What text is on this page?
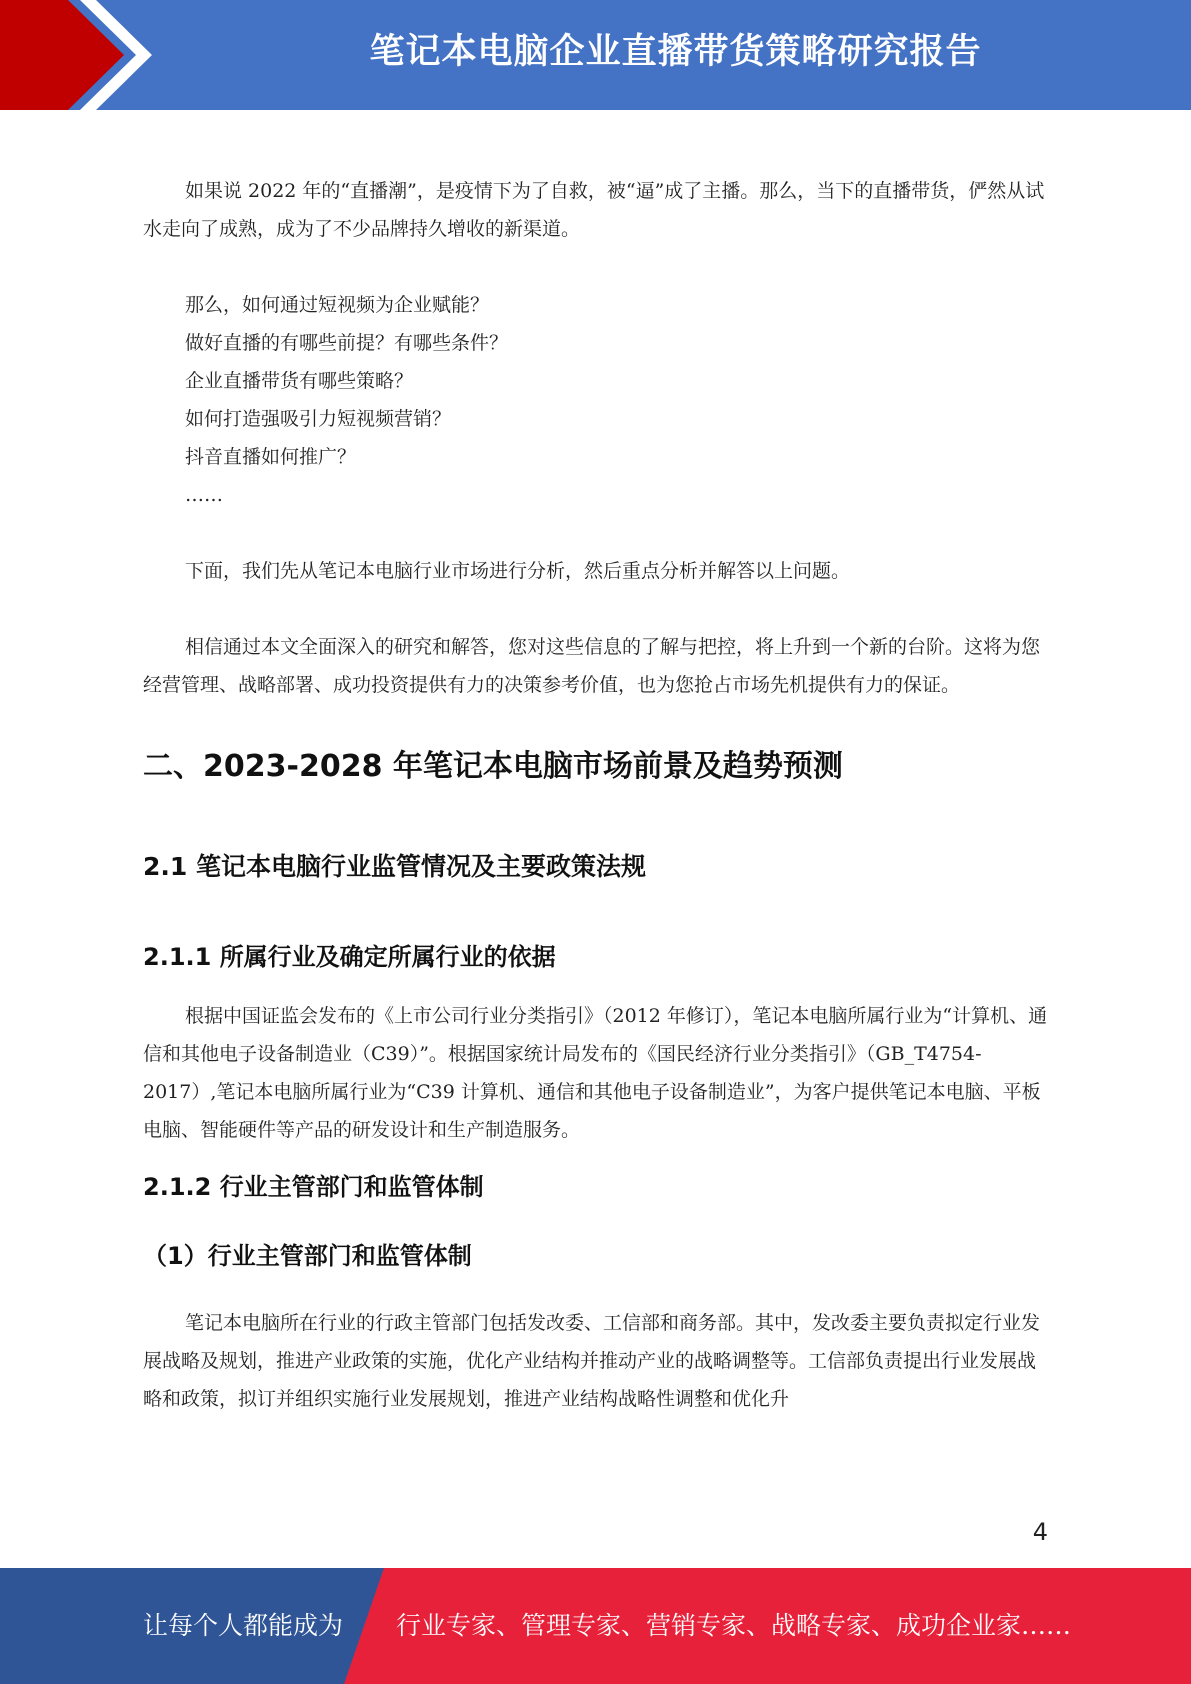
笔记本电脑企业直播带货策略研究报告

如果说 2022 年的“直播潮”，是疫情下为了自救，被“逼”成了主播。那么，当下的直播带货，俨然从试水走向了成熟，成为了不少品牌持久增收的新渠道。

那么，如何通过短视频为企业赋能？
做好直播的有哪些前提？有哪些条件？
企业直播带货有哪些策略？
如何打造强吸引力短视频营销？
抖音直播如何推广？
……

下面，我们先从笔记本电脑行业市场进行分析，然后重点分析并解答以上问题。

相信通过本文全面深入的研究和解答，您对这些信息的了解与把控，将上升到一个新的台阶。这将为您经营管理、战略部署、成功投资提供有力的决策参考价值，也为您抢占市场先机提供有力的保证。

二、2023-2028 年笔记本电脑市场前景及趋势预测
2.1 笔记本电脑行业监管情况及主要政策法规
2.1.1 所属行业及确定所属行业的依据

根据中国证监会发布的《上市公司行业分类指引》（2012 年修订），笔记本电脑所属行业为“计算机、通信和其他电子设备制造业（C39）”。根据国家统计局发布的《国民经济行业分类指引》（GB_T4754-2017）,笔记本电脑所属行业为“C39 计算机、通信和其他电子设备制造业”，为客户提供笔记本电脑、平板电脑、智能硬件等产品的研发设计和生产制造服务。

2.1.2 行业主管部门和监管体制
（1）行业主管部门和监管体制

笔记本电脑所在行业的行政主管部门包括发改委、工信部和商务部。其中，发改委主要负责拟定行业发展战略及规划，推进产业政策的实施，优化产业结构并推动产业的战略调整等。工信部负责提出行业发展战略和政策，拟订并组织实施行业发展规划，推进产业结构战略性调整和优化升

4
让每个人都能成为	行业专家、管理专家、营销专家、战略专家、成功企业家……
